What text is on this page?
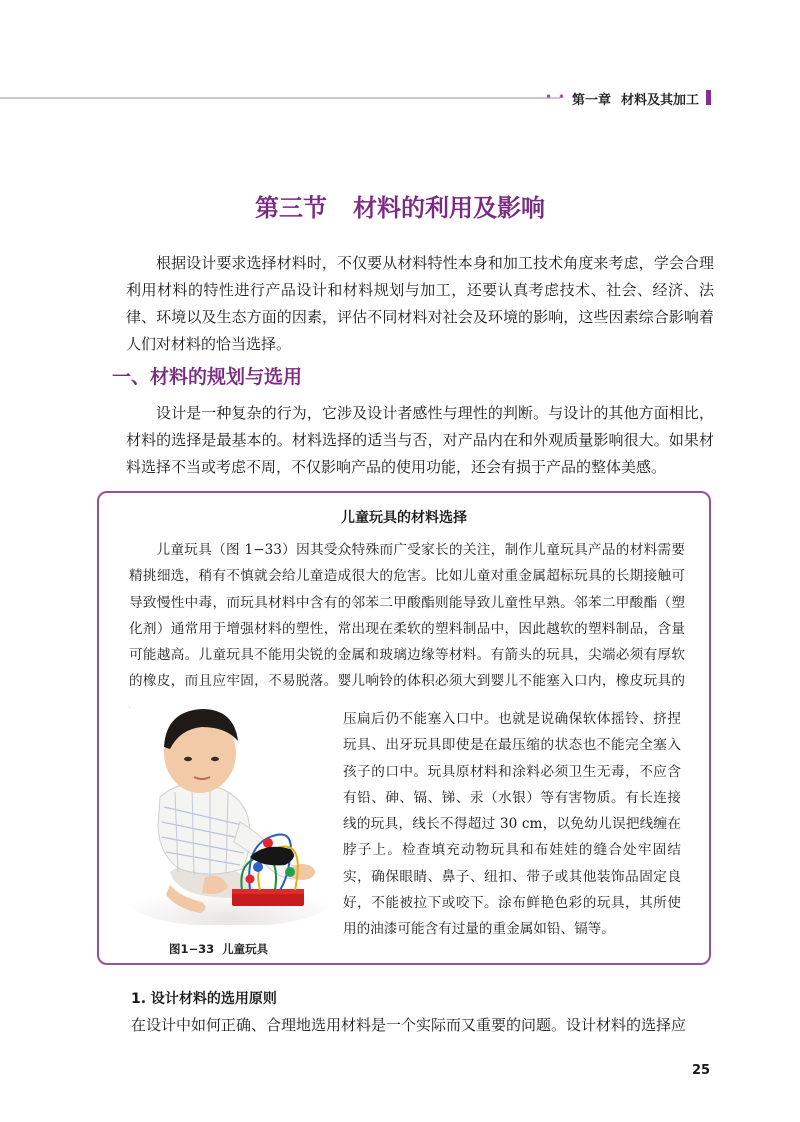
• • •
第一章 材料及其加工
第三节 材料的利用及影响

根据设计要求选择材料时，不仅要从材料特性本身和加工技术角度来考虑，学会合理利用材料的特性进行产品设计和材料规划与加工，还要认真考虑技术、社会、经济、法律、环境以及生态方面的因素，评估不同材料对社会及环境的影响，这些因素综合影响着人们对材料的恰当选择。

一、材料的规划与选用

设计是一种复杂的行为，它涉及设计者感性与理性的判断。与设计的其他方面相比，材料的选择是最基本的。材料选择的适当与否，对产品内在和外观质量影响很大。如果材料选择不当或考虑不周，不仅影响产品的使用功能，还会有损于产品的整体美感。

儿童玩具的材料选择

儿童玩具（图 1−33）因其受众特殊而广受家长的关注，制作儿童玩具产品的材料需要精挑细选，稍有不慎就会给儿童造成很大的危害。比如儿童对重金属超标玩具的长期接触可导致慢性中毒，而玩具材料中含有的邻苯二甲酸酯则能导致儿童性早熟。邻苯二甲酸酯（塑化剂）通常用于增强材料的塑性，常出现在柔软的塑料制品中，因此越软的塑料制品，含量可能越高。儿童玩具不能用尖锐的金属和玻璃边缘等材料。有箭头的玩具，尖端必须有厚软的橡皮，而且应牢固，不易脱落。婴儿响铃的体积必须大到婴儿不能塞入口内，橡皮玩具的

图1−33 儿童玩具

压扁后仍不能塞入口中。也就是说确保软体摇铃、挤捏玩具、出牙玩具即使是在最压缩的状态也不能完全塞入孩子的口中。玩具原材料和涂料必须卫生无毒，不应含有铅、砷、镉、锑、汞（水银）等有害物质。有长连接线的玩具，线长不得超过 30 cm，以免幼儿误把线缠在脖子上。检查填充动物玩具和布娃娃的缝合处牢固结实，确保眼睛、鼻子、纽扣、带子或其他装饰品固定良好，不能被拉下或咬下。涂布鲜艳色彩的玩具，其所使用的油漆可能含有过量的重金属如铅、镉等。

1. 设计材料的选用原则

在设计中如何正确、合理地选用材料是一个实际而又重要的问题。设计材料的选择应

25
